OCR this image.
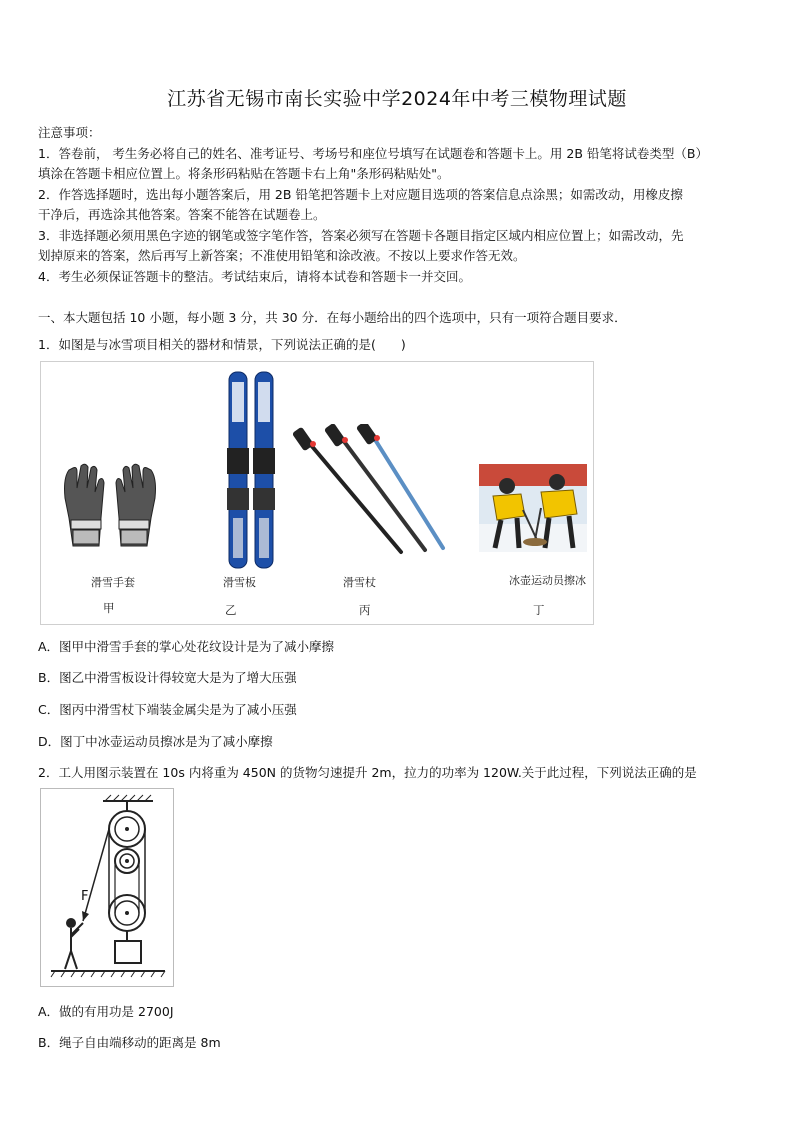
江苏省无锡市南长实验中学2024年中考三模物理试题

注意事项：

1．答卷前， 考生务必将自己的姓名、准考证号、考场号和座位号填写在试题卷和答题卡上。用 2B 铅笔将试卷类型（B）

填涂在答题卡相应位置上。将条形码粘贴在答题卡右上角"条形码粘贴处"。

2．作答选择题时，选出每小题答案后，用 2B 铅笔把答题卡上对应题目选项的答案信息点涂黑；如需改动，用橡皮擦

干净后，再选涂其他答案。答案不能答在试题卷上。

3．非选择题必须用黑色字迹的钢笔或签字笔作答，答案必须写在答题卡各题目指定区域内相应位置上；如需改动，先

划掉原来的答案，然后再写上新答案；不准使用铅笔和涂改液。不按以上要求作答无效。

4．考生必须保证答题卡的整洁。考试结束后，请将本试卷和答题卡一并交回。

一、本大题包括 10 小题，每小题 3 分，共 30 分．在每小题给出的四个选项中，只有一项符合题目要求．
1．如图是与冰雪项目相关的器材和情景，下列说法正确的是(　　)
滑雪手套	滑雪板	滑雪杖	冰壶运动员擦冰
甲	乙	丙	丁
A．图甲中滑雪手套的掌心处花纹设计是为了减小摩擦
B．图乙中滑雪板设计得较宽大是为了增大压强
C．图丙中滑雪杖下端装金属尖是为了减小压强
D．图丁中冰壶运动员擦冰是为了减小摩擦
2．工人用图示装置在 10s 内将重为 450N 的货物匀速提升 2m，拉力的功率为 120W.关于此过程，下列说法正确的是
F
A．做的有用功是 2700J
B．绳子自由端移动的距离是 8m
